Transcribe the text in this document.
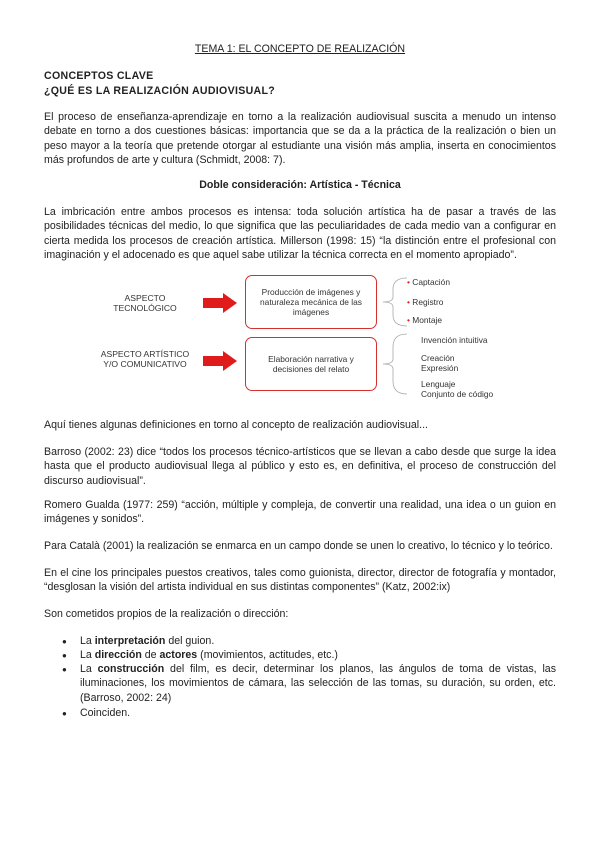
TEMA 1: EL CONCEPTO DE REALIZACIÓN

CONCEPTOS CLAVE

¿QUÉ ES LA REALIZACIÓN AUDIOVISUAL?

El proceso de enseñanza-aprendizaje en torno a la realización audiovisual suscita a menudo un intenso debate en torno a dos cuestiones básicas: importancia que se da a la práctica de la realización o bien un peso mayor a la teoría que pretende otorgar al estudiante una visión más amplia, inserta en conocimientos más profundos de arte y cultura (Schmidt, 2008: 7).

Doble consideración: Artística - Técnica

La imbricación entre ambos procesos es intensa: toda solución artística ha de pasar a través de las posibilidades técnicas del medio, lo que significa que las peculiaridades de cada medio van a configurar en cierta medida los procesos de creación artística. Millerson (1998: 15) “la distinción entre el profesional con imaginación y el adocenado es que aquel sabe utilizar la técnica correcta en el momento apropiado”.

ASPECTO
TECNOLÓGICO
Producción de imágenes y naturaleza mecánica de las imágenes
ASPECTO ARTÍSTICO
Y/O COMUNICATIVO	Elaboración narrativa y decisiones del relato
• Captación
• Registro
• Montaje
Invención intuitiva
Creación
Expresión
Lenguaje
Conjunto de código

Aquí tienes algunas definiciones en torno al concepto de realización audiovisual...

Barroso (2002: 23) dice “todos los procesos técnico-artísticos que se llevan a cabo desde que surge la idea hasta que el producto audiovisual llega al público y esto es, en definitiva, el proceso de construcción del discurso audiovisual”.

Romero Gualda (1977: 259) “acción, múltiple y compleja, de convertir una realidad, una idea o un guion en imágenes y sonidos”.

Para Català (2001) la realización se enmarca en un campo donde se unen lo creativo, lo técnico y lo teórico.

En el cine los principales puestos creativos, tales como guionista, director, director de fotografía y montador, “desglosan la visión del artista individual en sus distintas componentes” (Katz, 2002:ix)

Son cometidos propios de la realización o dirección:

● La interpretación del guion.

● La dirección de actores (movimientos, actitudes, etc.)

● La construcción del film, es decir, determinar los planos, las ángulos de toma de vistas, las iluminaciones, los movimientos de cámara, las selección de las tomas, su duración, su orden, etc. (Barroso, 2002: 24)

● Coinciden.
